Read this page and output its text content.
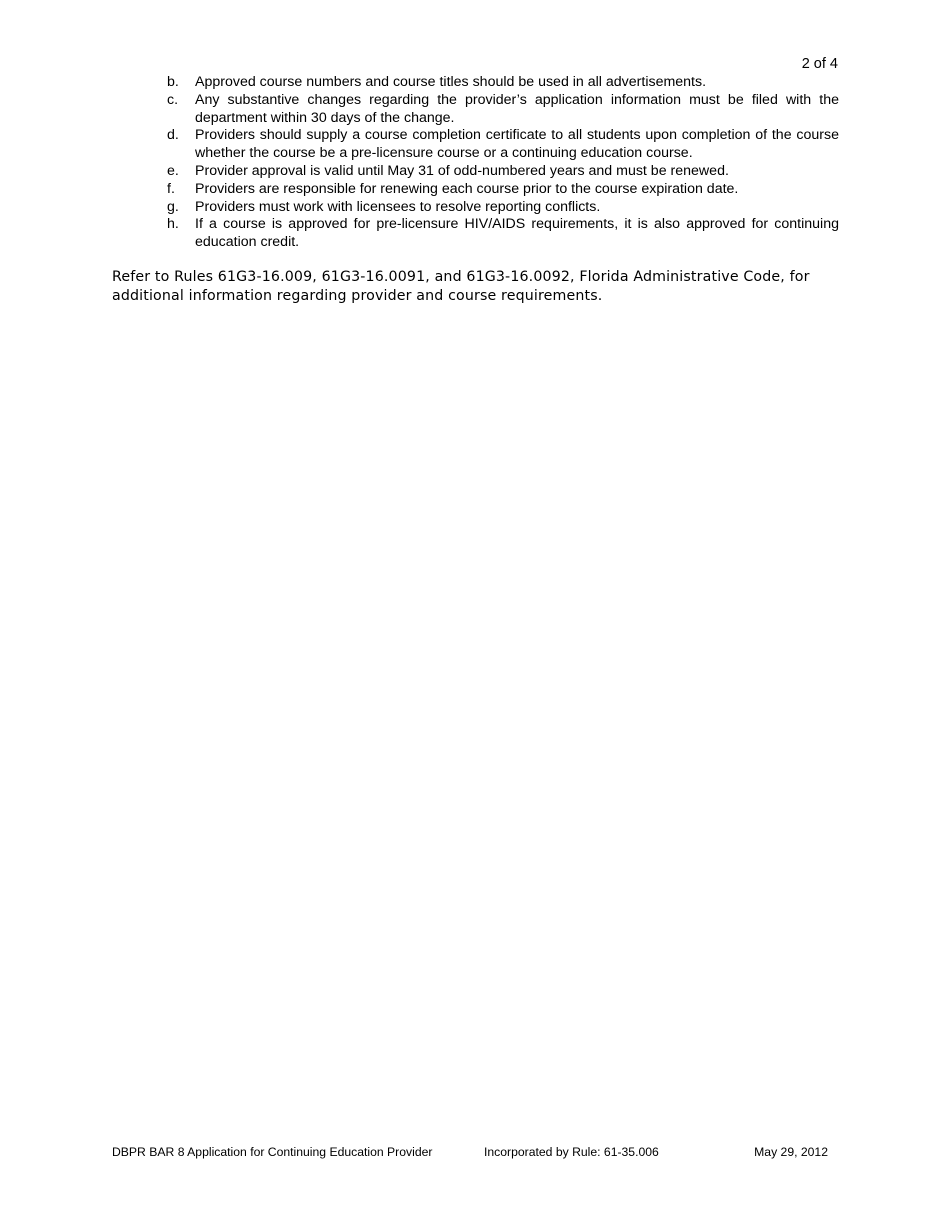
2 of 4
b.	Approved course numbers and course titles should be used in all advertisements.
c.	Any substantive changes regarding the provider’s application information must be filed with the department within 30 days of the change.
d.	Providers should supply a course completion certificate to all students upon completion of the course whether the course be a pre-licensure course or a continuing education course.
e.	Provider approval is valid until May 31 of odd-numbered years and must be renewed.
f.	Providers are responsible for renewing each course prior to the course expiration date.
g.	Providers must work with licensees to resolve reporting conflicts.
h.	If a course is approved for pre-licensure HIV/AIDS requirements, it is also approved for continuing education credit.

Refer to Rules 61G3-16.009, 61G3-16.0091, and 61G3-16.0092, Florida Administrative Code, for additional information regarding provider and course requirements.

DBPR BAR 8 Application for Continuing Education Provider	Incorporated by Rule: 61-35.006	May 29, 2012
